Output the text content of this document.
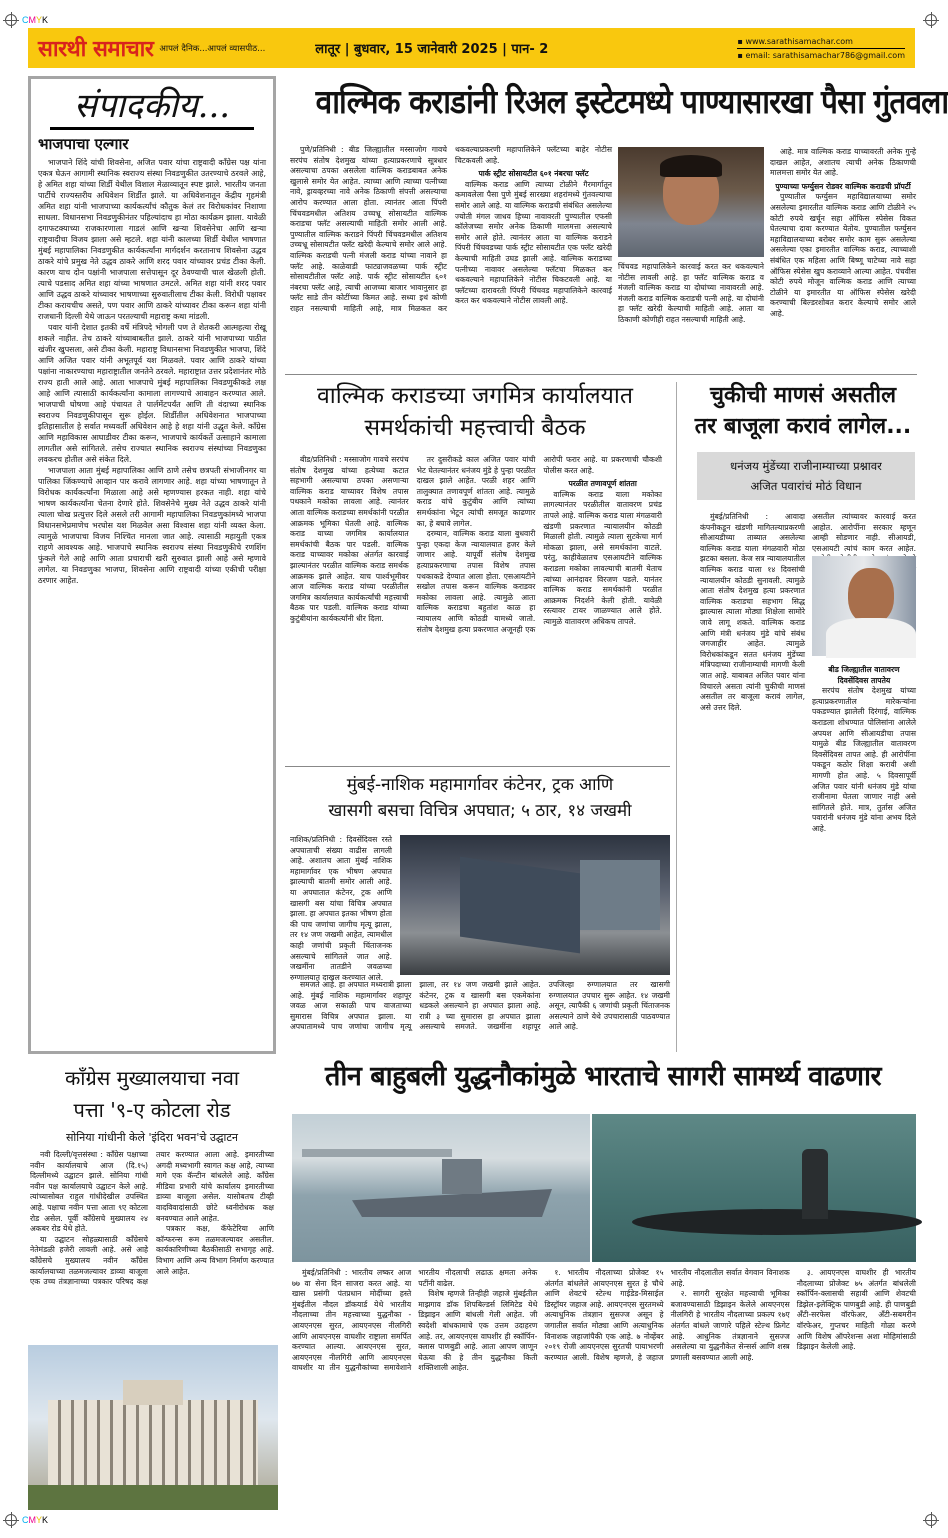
CMYK
CMYK
सारथी समाचार आपलं दैनिक...आपलं व्यासपीठ...	लातूर | बुधवार, 15 जानेवारी 2025 | पान- 2
▪ www.sarathisamachar.com
▪ email: sarathisamachar786@gmail.com
संपादकीय...
भाजपाचा एल्गार

भाजपाने शिंदे यांची शिवसेना, अजित पवार यांचा राष्ट्रवादी काँग्रेस पक्ष यांना एकत्र घेऊन आगामी स्थानिक स्वराज्य संस्था निवडणुकीत उतरण्याचे ठरवले आहे, हे अमित शहा यांच्या शिर्डी येथील विशाल मेळाव्यातून स्पष्ट झाले. भारतीय जनता पार्टीचे राज्यस्तरीय अधिवेशन शिर्डीत झाले. या अधिवेशनातून केंद्रीय गृहमंत्री अमित शहा यांनी भाजपाच्या कार्यकर्त्यांचं कौतुक केलं तर विरोधकांवर निशाणा साधला. विधानसभा निवडणुकीनंतर पहिल्यांदाच हा मोठा कार्यक्रम झाला. यावेळी दगाफटक्याच्या राजकारणाला गाडलं आणि खऱ्या शिवसेनेचा आणि खऱ्या राष्ट्रवादीचा विजय झाला असे म्हटले. शहा यांनी कालच्या शिर्डी येथील भाषणात मुंबई महापालिका निवडणुकीत कार्यकर्त्यांना मार्गदर्शन करतानाच शिवसेना उद्धव ठाकरे यांचे प्रमुख नेते उद्धव ठाकरे आणि शरद पवार यांच्यावर प्रचंड टीका केली. कारण याच दोन पक्षांनी भाजपाला सत्तेपासून दूर ठेवण्याची चाल खेळली होती. त्याचे पडसाद अमित शहा यांच्या भाषणात उमटले. अमित शहा यांनी शरद पवार आणि उद्धव ठाकरे यांच्यावर भाषणाच्या सुरुवातीलाच टीका केली. विरोधी पक्षावर टीका करायचीच असते, पण पवार आणि ठाकरे यांच्यावर टीका करून शहा यांनी राजधानी दिल्ली येथे जाऊन परतल्याची महाराष्ट्र कथा मांडली.

पवार यांनी देशात इतकी वर्षे मंत्रिपदे भोगली पण ते शेतकरी आत्महत्या रोखू शकले नाहीत. तेच ठाकरे यांच्याबाबतीत झाले. ठाकरे यांनी भाजपाच्या पाठीत खंजीर खुपसला, असे टीका केली. महाराष्ट्र विधानसभा निवडणुकीत भाजपा, शिंदे आणि अजित पवार यांनी अभूतपूर्व यश मिळवले. पवार आणि ठाकरे यांच्या पक्षांना नाकारण्याचा महाराष्ट्रातील जनतेने ठरवले. महाराष्ट्रात उत्तर प्रदेशानंतर मोठे राज्य हाती आले आहे. आता भाजपाचे मुंबई महापालिका निवडणुकीकडे लक्ष आहे आणि त्यासाठी कार्यकर्त्यांना कामाला लागण्याचे आवाहन करण्यात आले. भाजपाची घोषणा आहे पंचायत ते पार्लमेंटपर्यंत आणि ती वंदाच्या स्थानिक स्वराज्य निवडणुकीपासून सुरू होईल. शिर्डीतील अधिवेशनात भाजपाच्या इतिहासातील हे सर्वात मध्यवर्ती अधिवेशन आहे हे शहा यांनी उद्धृत केले. काँग्रेस आणि महाविकास आघाडीवर टीका करून, भाजपाचे कार्यकर्ते उत्साहाने कामाला लागतील असे सांगितले. तसेच राज्यात स्थानिक स्वराज्य संस्थांच्या निवडणुका लवकरच होतील असे संकेत दिले.

भाजपाला आता मुंबई महापालिका आणि ठाणे तसेच छत्रपती संभाजीनगर या पालिका जिंकण्याचे आव्हान पार करावे लागणार आहे. शहा यांच्या भाषणातून ते विरोधक कार्यकर्त्यांना मिळाला आहे असे म्हणण्यास हरकत नाही. शहा यांचे भाषण कार्यकर्त्यांना चेतना देणारे होते. शिवसेनेचे मुख्य नेते उद्धव ठाकरे यांनी त्याला चोख प्रत्युत्तर दिले असले तरी आगामी महापालिका निवडणुकांमध्ये भाजपा विधानसभेप्रमाणेच भरघोस यश मिळवेल असा विश्वास शहा यांनी व्यक्त केला. त्यामुळे भाजपाचा विजय निश्चित मानला जात आहे. त्यासाठी महायुती एकत्र राहणे आवश्यक आहे. भाजपाचे स्थानिक स्वराज्य संस्था निवडणुकीचे रणशिंग फुंकले गेले आहे आणि आता प्रचाराची खरी सुरुवात झाली आहे असे म्हणावे लागेल. या निवडणुका भाजपा, शिवसेना आणि राष्ट्रवादी यांच्या एकीची परीक्षा ठरणार आहेत.

वाल्मिक कराडांनी रिअल इस्टेटमध्ये पाण्यासारखा पैसा गुंतवला

पुणे/प्रतिनिधी : बीड जिल्ह्यातील मस्साजोग गावचे सरपंच संतोष देशमुख यांच्या हत्याप्रकरणाचे सूत्रधार असल्याचा ठपका असलेला वाल्मिक कराडबाबत अनेक खुलासे समोर येत आहेत. त्याच्या आणि त्याच्या पत्नीच्या नावे, ड्रायव्हरच्या नावे अनेक ठिकाणी संपत्ती असल्याचा आरोप करण्यात आला होता. त्यानंतर आता पिंपरी चिंचवडमधील अतिशय उच्चभ्रू सोसायटीत वाल्मिक कराडचा फ्लॅट असल्याची माहिती समोर आली आहे. पुण्यातील वाल्मिक कराडने पिंपरी चिंचवडमधील अतिशय उच्चभ्रू सोसायटीत फ्लॅट खरेदी केल्याचे समोर आले आहे. वाल्मिक कराडची पत्नी मंजली कराड यांच्या नावाने हा फ्लॅट आहे. काळेवाडी फाट्याजवळच्या पार्क स्ट्रीट सोसायटीतील फ्लॅट आहे. पार्क स्ट्रीट सोसायटीत ६०१ नंबरचा फ्लॅट आहे, त्याची आजच्या बाजार भावानुसार हा फ्लॅट साडे तीन कोटींच्या किमत आहे. सध्या इथं कोणी राहत नसल्याची माहिती आहे, मात्र मिळकत कर थकवल्याप्रकरणी महापालिकेने फ्लॅटच्या बाहेर नोटीस चिटकवली आहे.

पार्क स्ट्रीट सोसायटीत ६०१ नंबरचा फ्लॅट

वाल्मिक कराड आणि त्याच्या टोळीने गैरमार्गातून कमावलेला पैसा पुणे मुंबई सारख्या शहरांमध्ये गुंतवल्याचा समोर आले आहे. या वाल्मिक कराडची संबंधित असलेल्या ज्योती मंगल जाधव हिच्या नावावरती पुण्यातील एफसी कॉलेजच्या समोर अनेक ठिकाणी मालमत्ता असल्याचे समोर आले होते. त्यानंतर आता या वाल्मिक कराडने पिंपरी चिंचवडच्या पार्क स्ट्रीट सोसायटीत एक फ्लॅट खरेदी केल्याची माहिती उघड झाली आहे. वाल्मिक कराडच्या पत्नीच्या नावावर असलेल्या फ्लॅटचा मिळकत कर थकवल्याने महापालिकेने नोटीस चिकटवली आहे. या फ्लॅटच्या दारावरती पिंपरी चिंचवड महापालिकेने कारवाई करत कर थकवल्याने नोटीस लावली आहे.

चिंचवड महापालिकेने कारवाई करत कर थकवल्याने नोटीस लावली आहे. हा फ्लॅट वाल्मिक कराड व मंजली वाल्मिक कराड या दोघांच्या नावावरती आहे. मंजली कराड वाल्मिक कराडची पत्नी आहे. या दोघांनी हा फ्लॅट खरेदी केल्याची माहिती आहे. आता या ठिकाणी कोणीही राहत नसल्याची माहिती आहे.

आहे. मात्र वाल्मिक कराड याच्यावरती अनेक गुन्हे दाखल आहेत, अशातच त्याची अनेक ठिकाणची मालमत्ता समोर येत आहे.

पुण्याच्या फर्ग्युसन रोडवर वाल्मिक कराडची प्रॉपर्टी

पुण्यातील फर्ग्युसन महाविद्यालयाच्या समोर असलेल्या इमारतीत वाल्मिक कराड आणि टोळीने २५ कोटी रुपये खर्चून सहा ऑफिस स्पेसेस विकत घेतल्याचा दावा करण्यात येतोय. पुण्यातील फर्ग्युसन महाविद्यालयाच्या बरोबर समोर काम सुरू असलेल्या असलेल्या एका इमारतीत वाल्मिक कराड, त्याच्याशी संबंधित एक महिला आणि बिष्णू चाटेच्या नावे सहा ऑफिस स्पेसेस खुप कराव्याने आल्या आहेत. पंचवीस कोटी रुपये मोजून वाल्मिक कराड आणि त्याच्या टोळीने या इमारतीत या ऑफिस स्पेसेस खरेदी करण्याची बिल्डरशोबत करार केल्याचे समोर आले आहे.

वाल्मिक कराडच्या जगमित्र कार्यालयात
समर्थकांची महत्त्वाची बैठक

बीड/प्रतिनिधी : मस्साजोग गावचे सरपंच संतोष देशमुख यांच्या हत्येच्या कटात सहभागी असल्याचा ठपका असणाऱ्या वाल्मिक कराड याच्यावर विशेष तपास पथकाने मकोका लावला आहे. त्यानंतर आता वाल्मिक कराडच्या समर्थकांनी परळीत आक्रमक भूमिका घेतली आहे. वाल्मिक कराड याच्या जगमित्र कार्यालयात समर्थकांची बैठक पार पडली. वाल्मिक कराड याच्यावर मकोका अंतर्गत कारवाई झाल्यानंतर परळीत वाल्मिक कराड समर्थक आक्रमक झाले आहेत. याच पार्श्वभूमीवर आज वाल्मिक कराड यांच्या परळीतील जगमित्र कार्यालयात कार्यकर्त्यांची महत्त्वाची बैठक पार पडली. वाल्मिक कराड यांच्या कुटुंबीयांना कार्यकर्त्यांनी धीर दिला.

तर दुसरीकडे काल अजित पवार यांची भेट घेतल्यानंतर धनंजय मुंडे हे पुन्हा परळीत दाखल झाले आहेत. परळी शहर आणि तालुक्यात तणावपूर्ण शांतता आहे. त्यामुळे कराड यांचे कुटुंबीय आणि त्यांच्या समर्थकांना भेटून त्यांची समजूत काढणार का, हे बघावे लागेल.

दरम्यान, वाल्मिक कराड याला बुधवारी पुन्हा एकदा केज न्यायालयात हजर केले जाणार आहे. यापूर्वी संतोष देशमुख हत्याप्रकरणाचा तपास विशेष तपास पथकाकडे देण्यात आला होता. एसआयटीने सखोल तपास करून वाल्मिक कराडवर मकोका लावला आहे. त्यामुळे आता वाल्मिक कराडचा बहुतांश काळ हा न्यायालय आणि कोठडी यामध्ये जातो. संतोष देशमुख हत्या प्रकरणात अजूनही एक आरोपी फरार आहे. या प्रकरणाची चौकशी पोलीस करत आहे.

परळीत तणावपूर्ण शांतता

वाल्मिक कराड याला मकोका लागल्यानंतर परळीतील वातावरण प्रचंड तापले आहे. वाल्मिक कराड याला मंगळवारी खंडणी प्रकरणात न्यायालयीन कोठडी मिळाली होती. त्यामुळे त्याला सुटकेचा मार्ग मोकळा झाला, असे समर्थकांना वाटले. परंतु, काहीवेळातच एसआयटीने वाल्मिक कराडला मकोका लावल्याची बातमी येताच त्यांच्या आनंदावर विरजण पडले. यानंतर वाल्मिक कराड समर्थकांनी परळीत आक्रमक निदर्शने केली होती. यावेळी रस्त्यावर टायर जाळण्यात आले होते. त्यामुळे वातावरण अधिकच तापले.

चुकीची माणसं असतील
तर बाजूला करावं लागेल...
धनंजय मुंडेंच्या राजीनाम्याच्या प्रश्नावर
अजित पवारांचं मोठं विधान

मुंबई/प्रतिनिधी : आवादा कंपनीकडून खंडणी मागितल्याप्रकरणी सीआयडीच्या ताब्यात असलेल्या वाल्मिक कराड याला मंगळवारी मोठा झटका बसला. केज सत्र न्यायालयातील वाल्मिक कराड याला १४ दिवसांची न्यायालयीन कोठडी सुनावली. त्यामुळे आता संतोष देशमुख हत्या प्रकरणात वाल्मिक कराडचा सहभाग सिद्ध झाल्यास त्याला मोठ्या शिक्षेला सामोरे जावे लागू शकते. वाल्मिक कराड आणि मंत्री धनंजय मुंडे यांचे संबंध जगजाहीर आहेत. त्यामुळे विरोधकांकडून सतत धनंजय मुंडेंच्या मंत्रिपदाच्या राजीनाम्याची मागणी केली जात आहे. याबाबत अजित पवार यांना विचारले असता त्यांनी चुकीची माणसं असतील तर बाजूला करावं लागेल, असे उत्तर दिले.

असतील त्यांच्यावर कारवाई करत आहोत. आरोपींना सरकार म्हणून आम्ही सोडणार नाही. सीआयडी, एसआयटी त्यांचं काम करत आहेत.

बीड जिल्ह्यातील वातावरण दिवसेंदिवस तापतेय

सरपंच संतोष देशमुख यांच्या हत्याप्रकरणातील मारेकऱ्यांना पकडण्यात झालेली दिरंगाई, वाल्मिक कराडला शोधण्यात पोलिसांना आलेले अपयश आणि सीआयडीचा तपास यामुळे बीड जिल्ह्यातील वातावरण दिवसेंदिवस तापत आहे. ही आरोपींना पकडून कठोर शिक्षा करावी अशी मागणी होत आहे. ५ दिवसापूर्वी अजित पवार यांनी धनंजय मुंडे यांचा राजीनामा घेतला जाणार नाही असे सांगितले होते. मात्र, तुर्तास अजित पवारांनी धनंजय मुंडे यांना अभय दिले आहे.

मुंबई-नाशिक महामार्गावर कंटेनर, ट्रक आणि
खासगी बसचा विचित्र अपघात; ५ ठार, १४ जखमी
नाशिक/प्रतिनिधी : दिवसेंदिवस रस्ते अपघाताची संख्या वाढीस लागली आहे. अशातच आता मुंबई नाशिक महामार्गावर एक भीषण अपघात झाल्याची बातमी समोर आली आहे. या अपघातात कंटेनर, ट्रक आणि खासगी बस यांचा विचित्र अपघात झाला. हा अपघात इतका भीषण होता की पाच जणांचा जागीच मृत्यू झाला, तर १४ जण जखमी आहेत, त्यामधील काही जणांची प्रकृती चिंताजनक असल्याचे सांगितले जात आहे. जखमींना तातडीने जवळच्या रुग्णालयात दाखल करण्यात आले.

समजते आहे. हा अपघात मध्यरात्री झाला आहे. मुंबई नाशिक महामार्गावर शहापूर जवळ आज सकाळी पाच वाजताच्या सुमारास विचित्र अपघात झाला. या अपघातामध्ये पाच जणांचा जागीच मृत्यू झाला, तर १४ जण जखमी झाले आहेत. कंटेनर, ट्रक व खासगी बस एकमेकांना धडकले असल्याने हा अपघात झाला आहे. रात्री ३ च्या सुमारास हा अपघात झाला असल्याचे समजते. जखमींना शहापूर उपजिल्हा रुग्णालयात तर खासगी रुग्णालयात उपचार सुरू आहेत. १४ जखमी असून, त्यापैकी ६ जणांची प्रकृती चिंताजनक असल्याने ठाणे येथे उपचारासाठी पाठवण्यात आले आहे.

काँग्रेस मुख्यालयाचा नवा
पत्ता '९-ए कोटला रोड
सोनिया गांधीनी केले 'इंदिरा भवन'चे उद्घाटन

नवी दिल्ली/वृत्तसंस्था : काँग्रेस पक्षाच्या नवीन कार्यालयाचे आज (दि.१५) दिल्लीमध्ये उद्घाटन झाले. सोनिया गांधी नवीन पक्ष कार्यालयाचे उद्घाटन केले आहे. त्यांच्यासोबत राहुल गांधीदेखील उपस्थित आहे. पक्षाचा नवीन पत्ता आता ९ए कोटला रोड असेल. पूर्वी काँग्रेसचे मुख्यालय २४ अकबर रोड येथे होते.

या उद्घाटन सोहळ्यासाठी काँग्रेसचे नेतेमंडळी हजेरी लावली आहे. असे आहे काँग्रेसचे मुख्यालय नवीन काँग्रेस कार्यालयाच्या तळमजल्यावर डाव्या बाजूला एक उच्च तंत्रज्ञानाच्या पत्रकार परिषद कक्ष तयार करण्यात आला आहे. इमारतीच्या अगदी मध्यभागी स्वागत कक्ष आहे, त्याच्या मागे एक कॅन्टीन बांधलेले आहे. काँग्रेस मीडिया प्रभारी यांचे कार्यालय इमारतीच्या डाव्या बाजूला असेल. यासोबतच टीव्ही वादविवादांसाठी छोटे ध्वनीरोधक कक्ष बनवण्यात आले आहेत.

पत्रकार कक्ष, कॅफेटेरिया आणि कॉन्फरन्स रूम तळमजल्यावर असतील. कार्यकारिणीच्या बैठकीसाठी सभागृह आहे. विभाग आणि अन्य विभाग निर्माण करण्यात आले आहेत.

तीन बाहुबली युद्धनौकांमुळे भारताचे सागरी सामर्थ्य वाढणार

मुंबई/प्रतिनिधी : भारतीय लष्कर आज ७७ वा सेना दिन साजरा करत आहे. या खास प्रसंगी पंतप्रधान मोदींच्या हस्ते मुंबईतील नौदल डॉकयार्ड येथे भारतीय नौदलाच्या तीन महत्त्वाच्या युद्धनौका - आयएनएस सुरत, आयएनएस नीलगिरी आणि आयएनएस वाघशीर राष्ट्राला समर्पित करण्यात आल्या. आयएनएस सुरत, आयएनएस नीलगिरी आणि आयएनएस वाघशीर या तीन युद्धनौकांच्या समावेशाने भारतीय नौदलाची लढाऊ क्षमता अनेक पटींनी वाढेल.

विशेष म्हणजे तिन्हीही जहाजे मुंबईतील माझगाव डॉक शिपबिल्डर्स लिमिटेड येथे डिझाइन आणि बांधली गेली आहेत. जी स्वदेशी बांधकामाचे एक उत्तम उदाहरण आहे. तर, आयएनएस वाघशीर ही स्कॉर्पिन-क्लास पाणबुडी आहे. आता आपण जाणून घेऊया की हे तीन युद्धनौका किती शक्तिशाली आहेत.

१. भारतीय नौदलाच्या प्रोजेक्ट १५ अंतर्गत बांधलेले आयएनएस सुरत हे चौथे आणि शेवटचे स्टेल्थ गाईडेड-मिसाईल डिस्ट्रॉयर जहाज आहे. आयएनएस सुरतमध्ये अत्याधुनिक तंत्रज्ञान सुसज्ज असून हे जगातील सर्वात मोठ्या आणि अत्याधुनिक विनाशक जहाजांपैकी एक आहे. ७ नोव्हेंबर २०१९ रोजी आयएनएस सुरतची पायाभरणी करण्यात आली. विशेष म्हणजे, हे जहाज भारतीय नौदलातील सर्वात वेगवान विनाशक आहे.

२. सागरी सुरक्षेत महत्त्वाची भूमिका बजावण्यासाठी डिझाइन केलेले आयएनएस नीलगिरी हे भारतीय नौदलाच्या प्रकल्प १७ए अंतर्गत बांधले जाणारे पहिले स्टेल्थ फ्रिगेट आहे. आधुनिक तंत्रज्ञानाने सुसज्ज असलेल्या या युद्धनौकेत सेन्सर्स आणि शस्त्र प्रणाली बसवण्यात आली आहे.

३. आयएनएस वाघशीर ही भारतीय नौदलाच्या प्रोजेक्ट ७५ अंतर्गत बांधलेली स्कॉर्पिन-क्लासची सहावी आणि शेवटची डिझेल-इलेक्ट्रिक पाणबुडी आहे. ही पाणबुडी अँटी-सरफेस वॉरफेअर, अँटी-सबमरीन वॉरफेअर, गुप्तचर माहिती गोळा करणे आणि विशेष ऑपरेशन्स अशा मोहिमांसाठी डिझाइन केलेली आहे.
